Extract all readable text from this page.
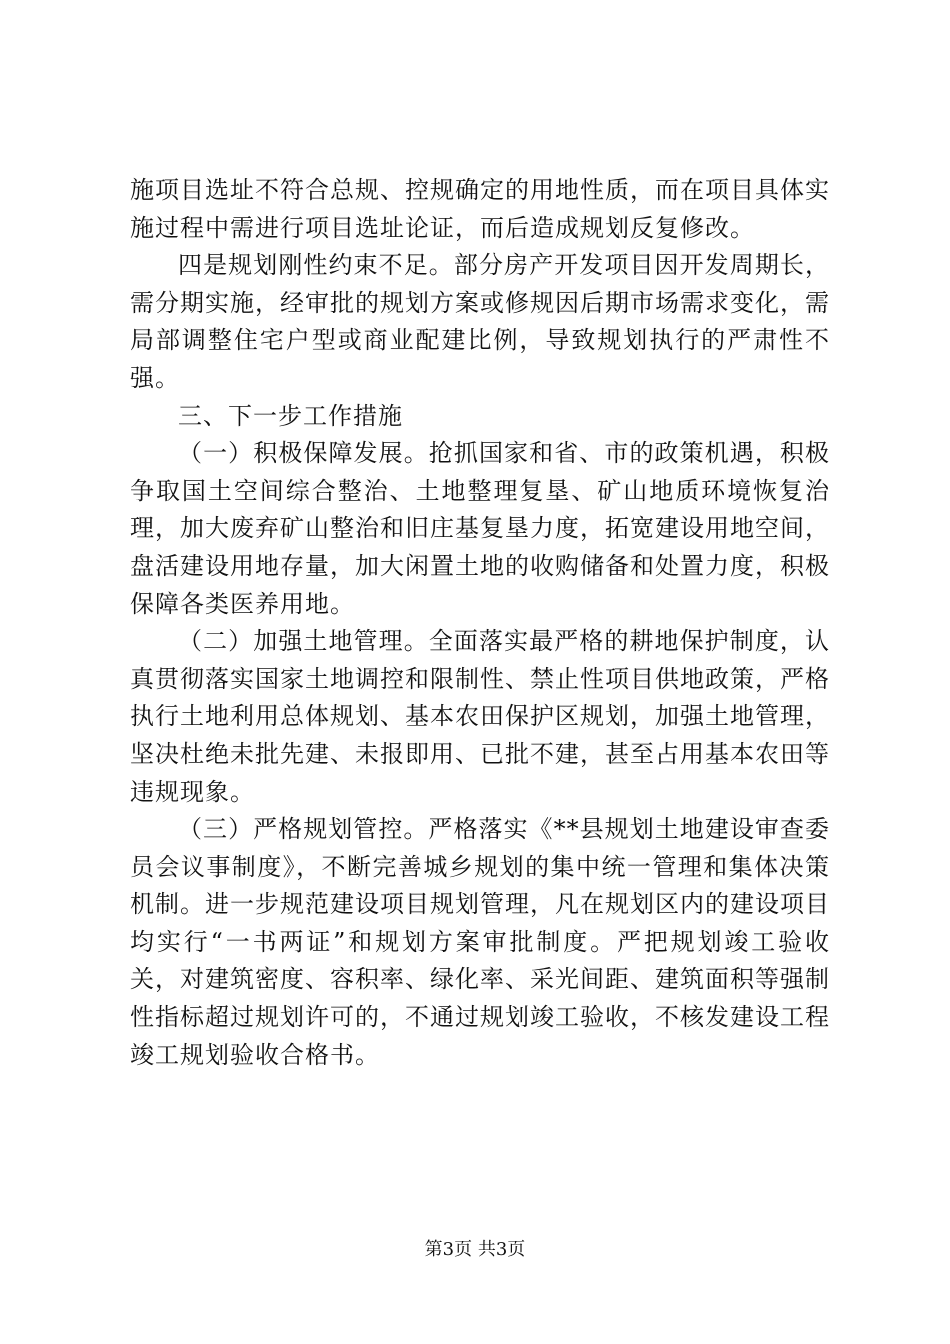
施项目选址不符合总规、控规确定的用地性质，而在项目具体实施过程中需进行项目选址论证，而后造成规划反复修改。

四是规划刚性约束不足。部分房产开发项目因开发周期长，需分期实施，经审批的规划方案或修规因后期市场需求变化，需局部调整住宅户型或商业配建比例，导致规划执行的严肃性不强。

三、下一步工作措施

（一）积极保障发展。抢抓国家和省、市的政策机遇，积极争取国土空间综合整治、土地整理复垦、矿山地质环境恢复治理，加大废弃矿山整治和旧庄基复垦力度，拓宽建设用地空间，盘活建设用地存量，加大闲置土地的收购储备和处置力度，积极保障各类医养用地。

（二）加强土地管理。全面落实最严格的耕地保护制度，认真贯彻落实国家土地调控和限制性、禁止性项目供地政策，严格执行土地利用总体规划、基本农田保护区规划，加强土地管理，坚决杜绝未批先建、未报即用、已批不建，甚至占用基本农田等违规现象。

（三）严格规划管控。严格落实《**县规划土地建设审查委员会议事制度》，不断完善城乡规划的集中统一管理和集体决策机制。进一步规范建设项目规划管理，凡在规划区内的建设项目均实行“一书两证”和规划方案审批制度。严把规划竣工验收关，对建筑密度、容积率、绿化率、采光间距、建筑面积等强制性指标超过规划许可的，不通过规划竣工验收，不核发建设工程竣工规划验收合格书。

第3页 共3页
